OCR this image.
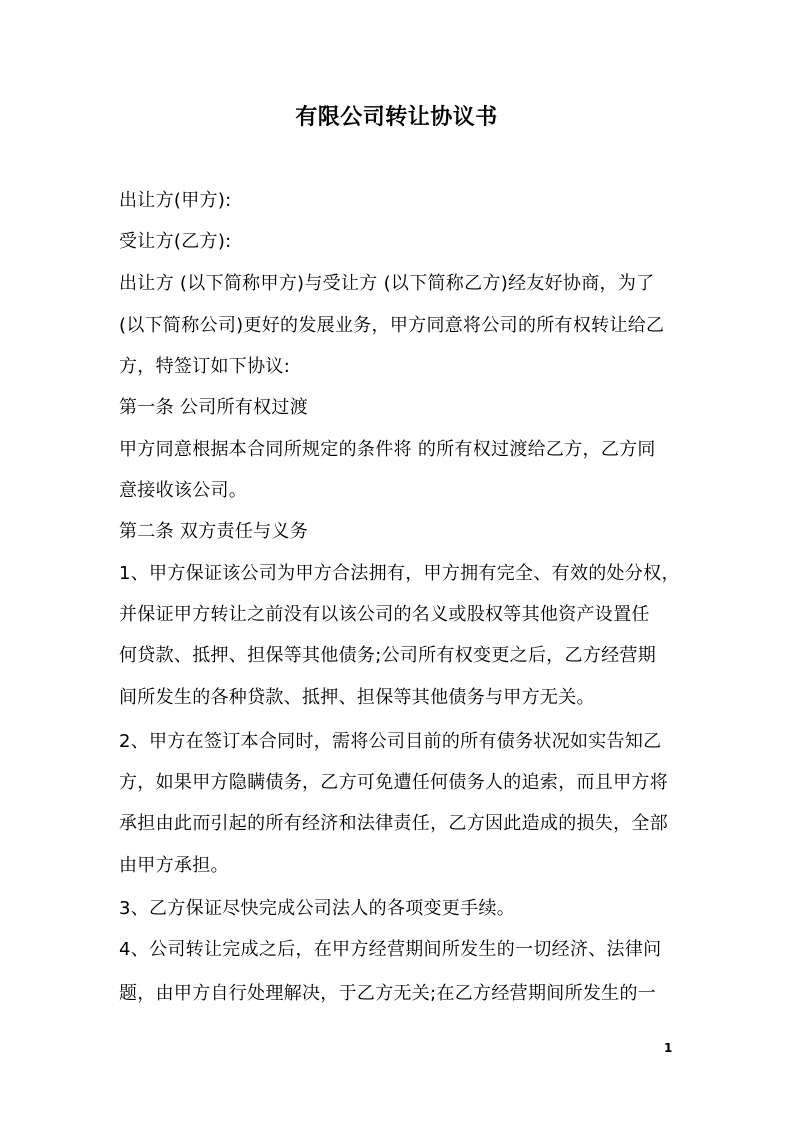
有限公司转让协议书
出让方(甲方):
受让方(乙方):
出让方 (以下简称甲方)与受让方 (以下简称乙方)经友好协商，为了
(以下简称公司)更好的发展业务，甲方同意将公司的所有权转让给乙
方，特签订如下协议:
第一条 公司所有权过渡
甲方同意根据本合同所规定的条件将 的所有权过渡给乙方，乙方同
意接收该公司。
第二条 双方责任与义务
1、甲方保证该公司为甲方合法拥有，甲方拥有完全、有效的处分权，
并保证甲方转让之前没有以该公司的名义或股权等其他资产设置任
何贷款、抵押、担保等其他债务;公司所有权变更之后，乙方经营期
间所发生的各种贷款、抵押、担保等其他债务与甲方无关。
2、甲方在签订本合同时，需将公司目前的所有债务状况如实告知乙
方，如果甲方隐瞒债务，乙方可免遭任何债务人的追索，而且甲方将
承担由此而引起的所有经济和法律责任，乙方因此造成的损失，全部
由甲方承担。
3、乙方保证尽快完成公司法人的各项变更手续。
4、公司转让完成之后，在甲方经营期间所发生的一切经济、法律问
题，由甲方自行处理解决，于乙方无关;在乙方经营期间所发生的一
1
